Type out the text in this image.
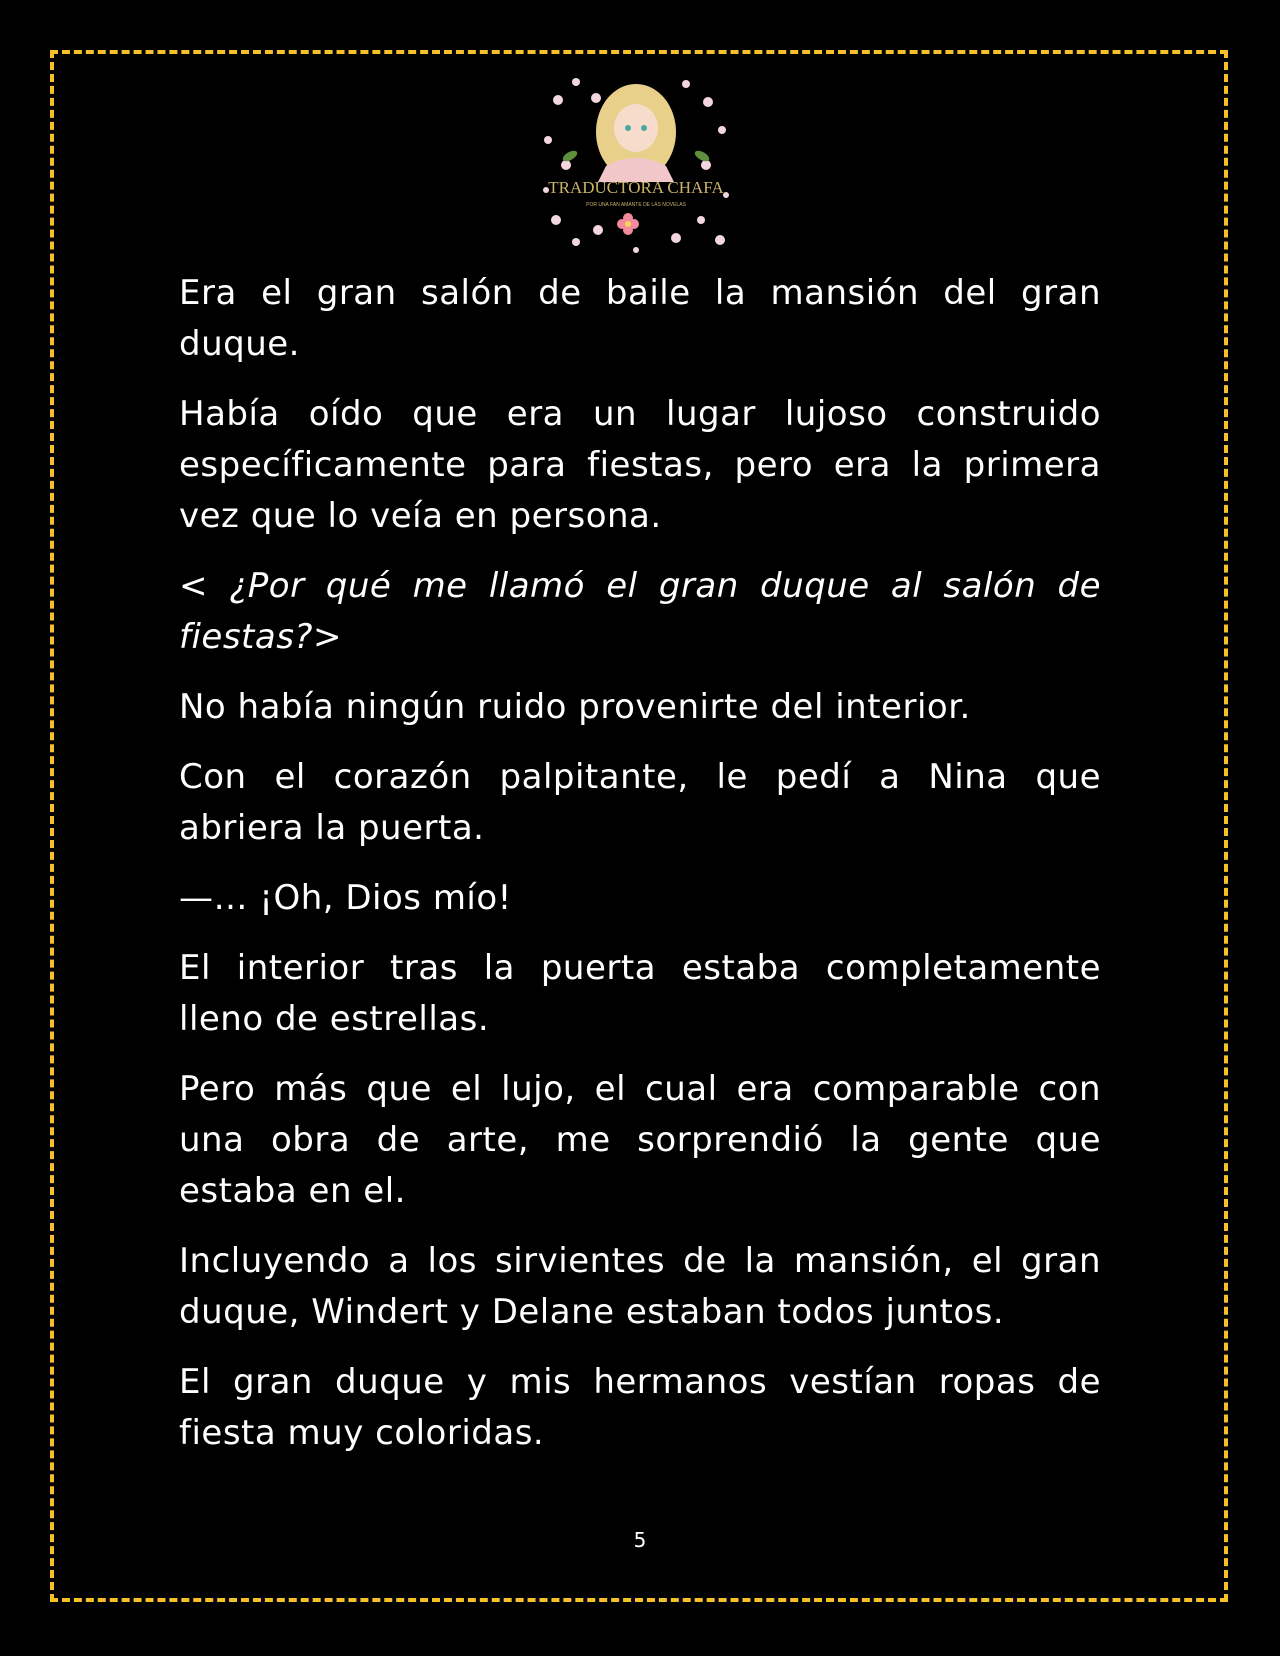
TRADUCTORA CHAFA
POR UNA FAN AMANTE DE LAS NOVELAS

Era el gran salón de baile la mansión del gran duque.

Había oído que era un lugar lujoso construido específicamente para fiestas, pero era la primera vez que lo veía en persona.

< ¿Por qué me llamó el gran duque al salón de fiestas?>

No había ningún ruido provenirte del interior.

Con el corazón palpitante, le pedí a Nina que abriera la puerta.

—… ¡Oh, Dios mío!

El interior tras la puerta estaba completamente lleno de estrellas.

Pero más que el lujo, el cual era comparable con una obra de arte, me sorprendió la gente que estaba en el.

Incluyendo a los sirvientes de la mansión, el gran duque, Windert y Delane estaban todos juntos.

El gran duque y mis hermanos vestían ropas de fiesta muy coloridas.

5
